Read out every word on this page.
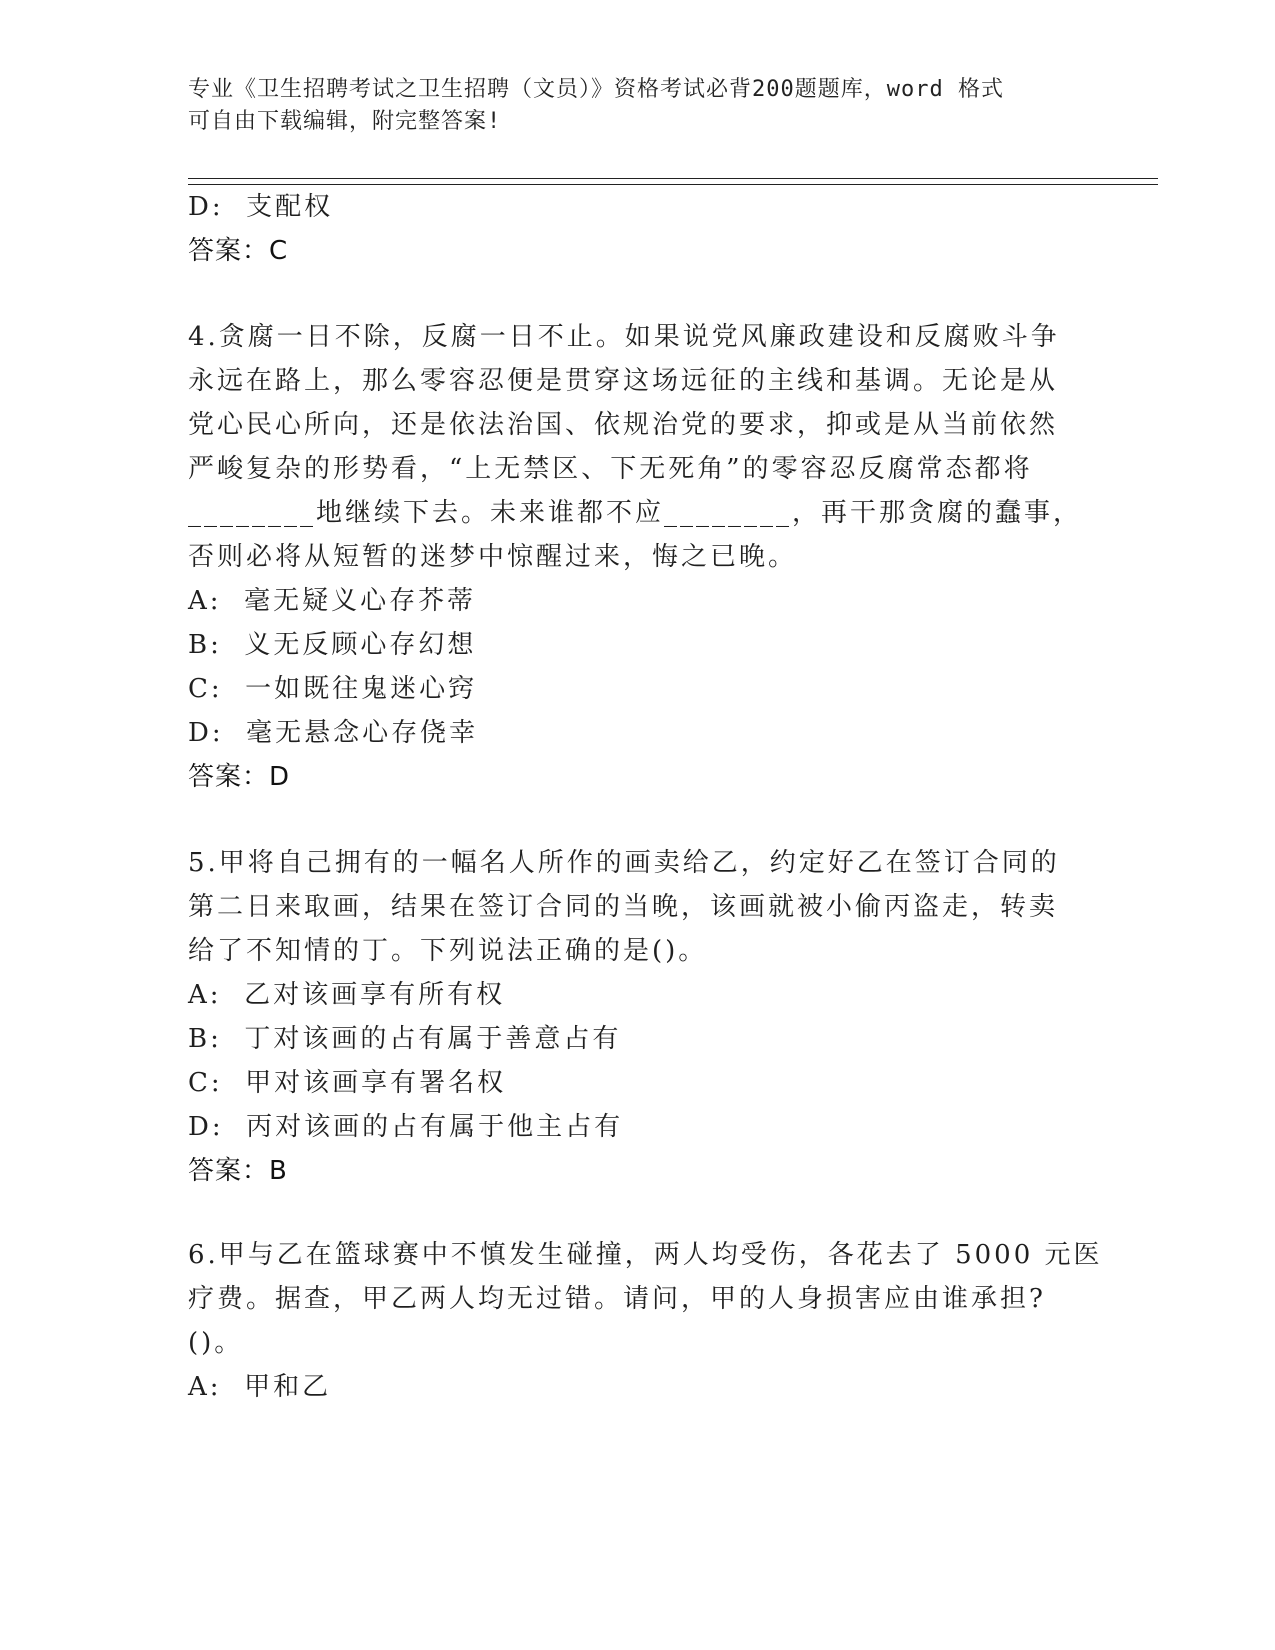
专业《卫生招聘考试之卫生招聘（文员）》资格考试必背200题题库，word 格式
可自由下载编辑，附完整答案!
D:  支配权
答案：C
4.贪腐一日不除，反腐一日不止。如果说党风廉政建设和反腐败斗争
永远在路上，那么零容忍便是贯穿这场远征的主线和基调。无论是从
党心民心所向，还是依法治国、依规治党的要求，抑或是从当前依然
严峻复杂的形势看，“上无禁区、下无死角”的零容忍反腐常态都将
________地继续下去。未来谁都不应________，再干那贪腐的蠢事，
否则必将从短暂的迷梦中惊醒过来，悔之已晚。
A:  毫无疑义心存芥蒂
B:  义无反顾心存幻想
C:  一如既往鬼迷心窍
D:  毫无悬念心存侥幸
答案：D
5.甲将自己拥有的一幅名人所作的画卖给乙，约定好乙在签订合同的
第二日来取画，结果在签订合同的当晚，该画就被小偷丙盗走，转卖
给了不知情的丁。下列说法正确的是()。
A:  乙对该画享有所有权
B:  丁对该画的占有属于善意占有
C:  甲对该画享有署名权
D:  丙对该画的占有属于他主占有
答案：B
6.甲与乙在篮球赛中不慎发生碰撞，两人均受伤，各花去了 5000 元医
疗费。据查，甲乙两人均无过错。请问，甲的人身损害应由谁承担?
()。
A:  甲和乙
